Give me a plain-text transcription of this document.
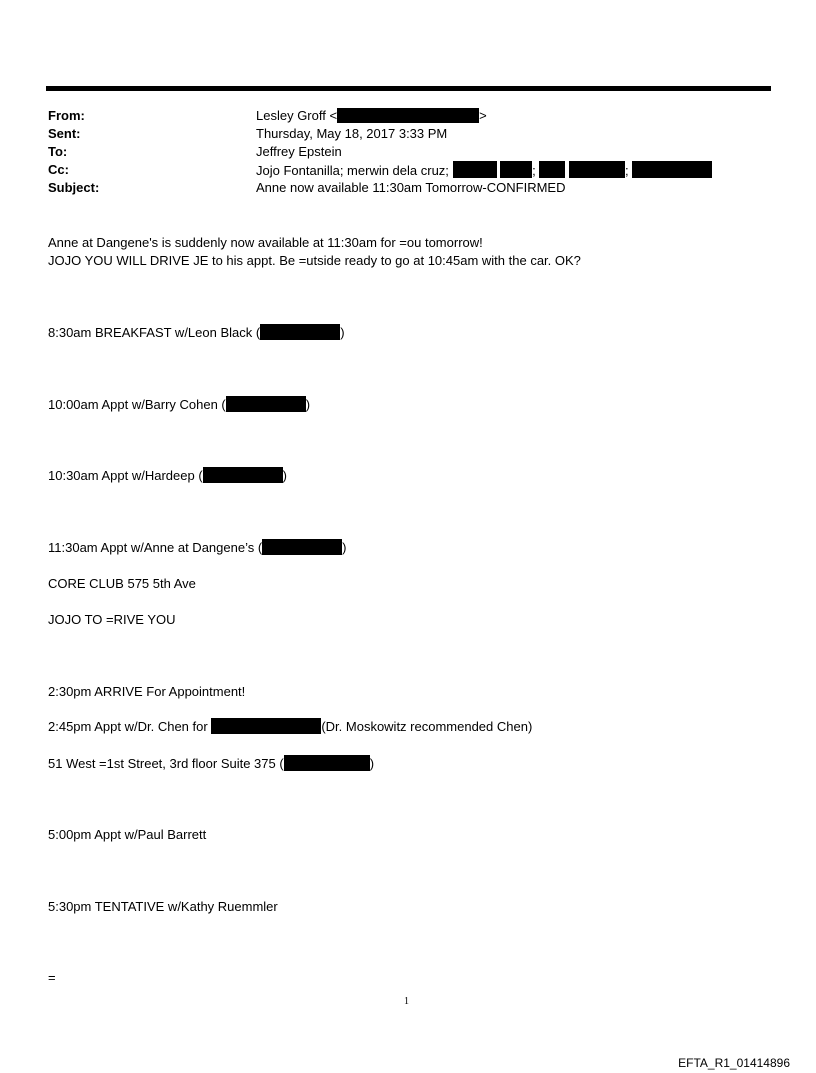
From:	Lesley Groff <	>
Sent:	Thursday, May 18, 2017 3:33 PM
To:	Jeffrey Epstein
Cc:	Jojo Fontanilla; merwin dela cruz;	;	;
Subject:	Anne now available 11:30am Tomorrow-CONFIRMED
Anne at Dangene's is suddenly now available at 11:30am for =ou tomorrow!
JOJO YOU WILL DRIVE JE to his appt. Be =utside ready to go at 10:45am with the car. OK?
8:30am BREAKFAST w/Leon Black (	)
10:00am Appt w/Barry Cohen (	)
10:30am Appt w/Hardeep (	)
11:30am Appt w/Anne at Dangene’s (	)
CORE CLUB 575 5th Ave
JOJO TO =RIVE YOU
2:30pm ARRIVE For Appointment!
2:45pm Appt w/Dr. Chen for	(Dr. Moskowitz recommended Chen)
51 West =1st Street, 3rd floor Suite 375 (	)
5:00pm Appt w/Paul Barrett
5:30pm TENTATIVE w/Kathy Ruemmler
=
1
EFTA_R1_01414896
